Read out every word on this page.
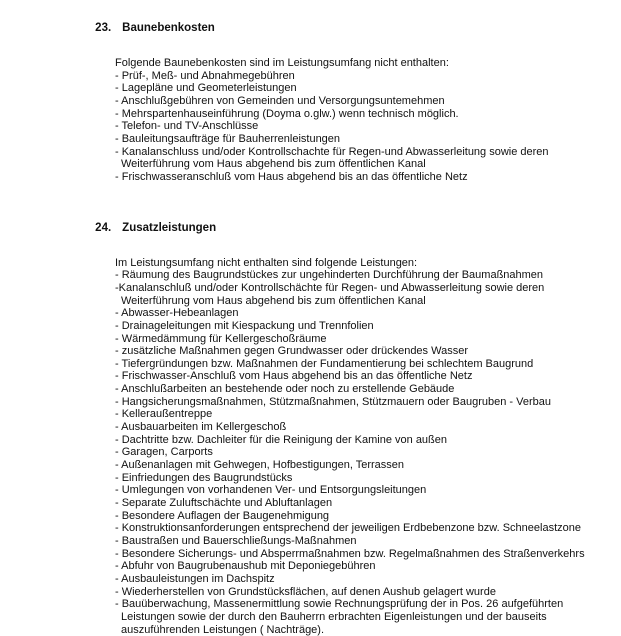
23. Baunebenkosten

Folgende Baunebenkosten sind im Leistungsumfang nicht enthalten:
- Prüf-, Meß- und Abnahmegebühren
- Lagepläne und Geometerleistungen
- Anschlußgebühren von Gemeinden und Versorgungsuntemehmen
- Mehrspartenhauseinführung (Doyma o.glw.) wenn technisch möglich.
- Telefon- und TV-Anschlüsse
- Bauleitungsaufträge für Bauherrenleistungen
- Kanalanschluss und/oder Kontrollschachte für Regen-und Abwasserleitung sowie deren
Weiterführung vom Haus abgehend bis zum öffentlichen Kanal
- Frischwasseranschluß vom Haus abgehend bis an das öffentliche Netz

24. Zusatzleistungen

Im Leistungsumfang nicht enthalten sind folgende Leistungen:
- Räumung des Baugrundstückes zur ungehinderten Durchführung der Baumaßnahmen
-Kanalanschluß und/oder Kontrollschächte für Regen- und Abwasserleitung sowie deren
Weiterführung vom Haus abgehend bis zum öffentlichen Kanal
- Abwasser-Hebeanlagen
- Drainageleitungen mit Kiespackung und Trennfolien
- Wärmedämmung für Kellergeschoßräume
- zusätzliche Maßnahmen gegen Grundwasser oder drückendes Wasser
- Tiefergründungen bzw. Maßnahmen der Fundamentierung bei schlechtem Baugrund
- Frischwasser-Anschluß vom Haus abgehend bis an das öffentliche Netz
- Anschlußarbeiten an bestehende oder noch zu erstellende Gebäude
- Hangsicherungsmaßnahmen, Stützmaßnahmen, Stützmauern oder Baugruben - Verbau
- Kelleraußentreppe
- Ausbauarbeiten im Kellergeschoß
- Dachtritte bzw. Dachleiter für die Reinigung der Kamine von außen
- Garagen, Carports
- Außenanlagen mit Gehwegen, Hofbestigungen, Terrassen
- Einfriedungen des Baugrundstücks
- Umlegungen von vorhandenen Ver- und Entsorgungsleitungen
- Separate Zuluftschächte und Abluftanlagen
- Besondere Auflagen der Baugenehmigung
- Konstruktionsanforderungen entsprechend der jeweiligen Erdbebenzone bzw. Schneelastzone
- Baustraßen und Bauerschließungs-Maßnahmen
- Besondere Sicherungs- und Absperrmaßnahmen bzw. Regelmaßnahmen des Straßenverkehrs
- Abfuhr von Baugrubenaushub mit Deponiegebühren
- Ausbauleistungen im Dachspitz
- Wiederherstellen von Grundstücksflächen, auf denen Aushub gelagert wurde
- Bauüberwachung, Massenermittlung sowie Rechnungsprüfung der in Pos. 26 aufgeführten
Leistungen sowie der durch den Bauherrn erbrachten Eigenleistungen und der bauseits
auszuführenden Leistungen ( Nachträge).
